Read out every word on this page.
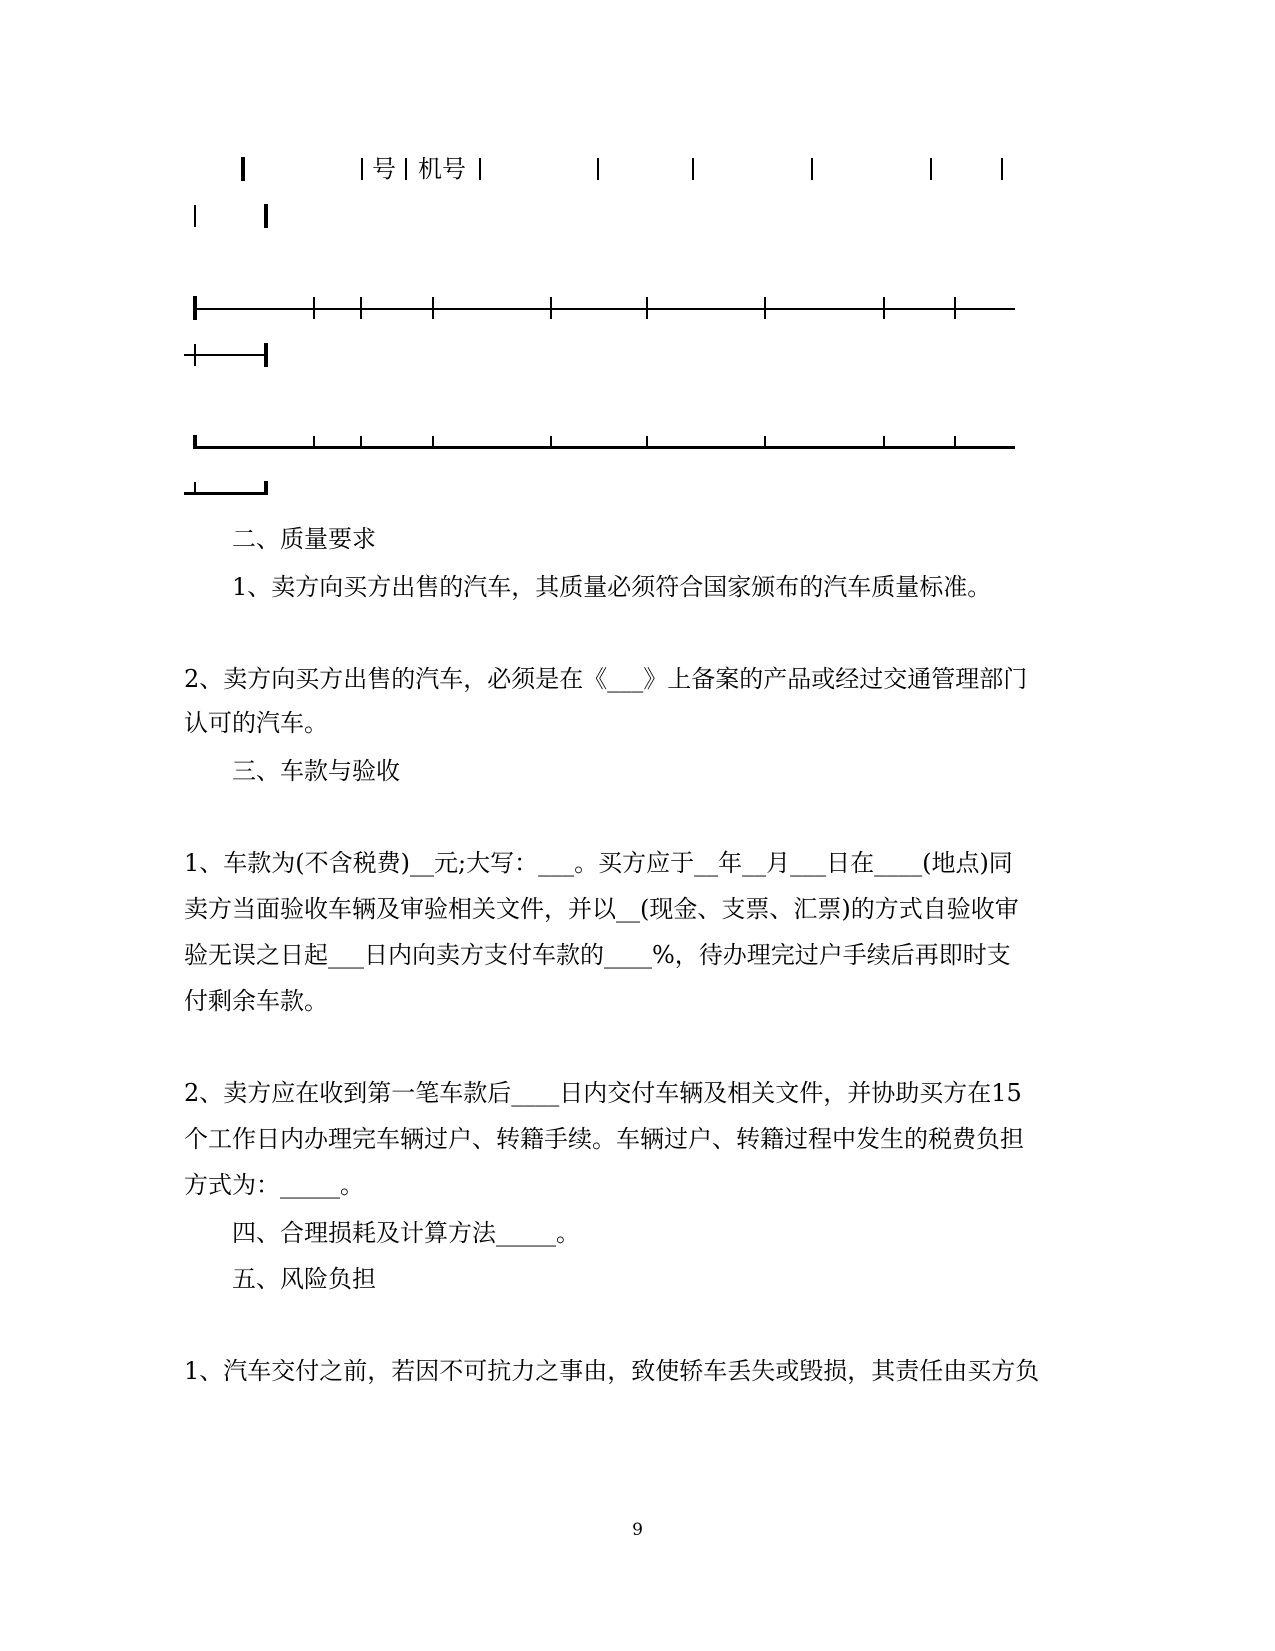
号 机号
二、质量要求
1、卖方向买方出售的汽车，其质量必须符合国家颁布的汽车质量标准。
2、卖方向买方出售的汽车，必须是在《___》上备案的产品或经过交通管理部门
认可的汽车。
三、车款与验收
1、车款为(不含税费)__元;大写：___。买方应于__年__月___日在____(地点)同
卖方当面验收车辆及审验相关文件，并以__(现金、支票、汇票)的方式自验收审
验无误之日起___日内向卖方支付车款的____%，待办理完过户手续后再即时支
付剩余车款。
2、卖方应在收到第一笔车款后____日内交付车辆及相关文件，并协助买方在15
个工作日内办理完车辆过户、转籍手续。车辆过户、转籍过程中发生的税费负担
方式为：_____。
四、合理损耗及计算方法_____。
五、风险负担
1、汽车交付之前，若因不可抗力之事由，致使轿车丢失或毁损，其责任由买方负
9
